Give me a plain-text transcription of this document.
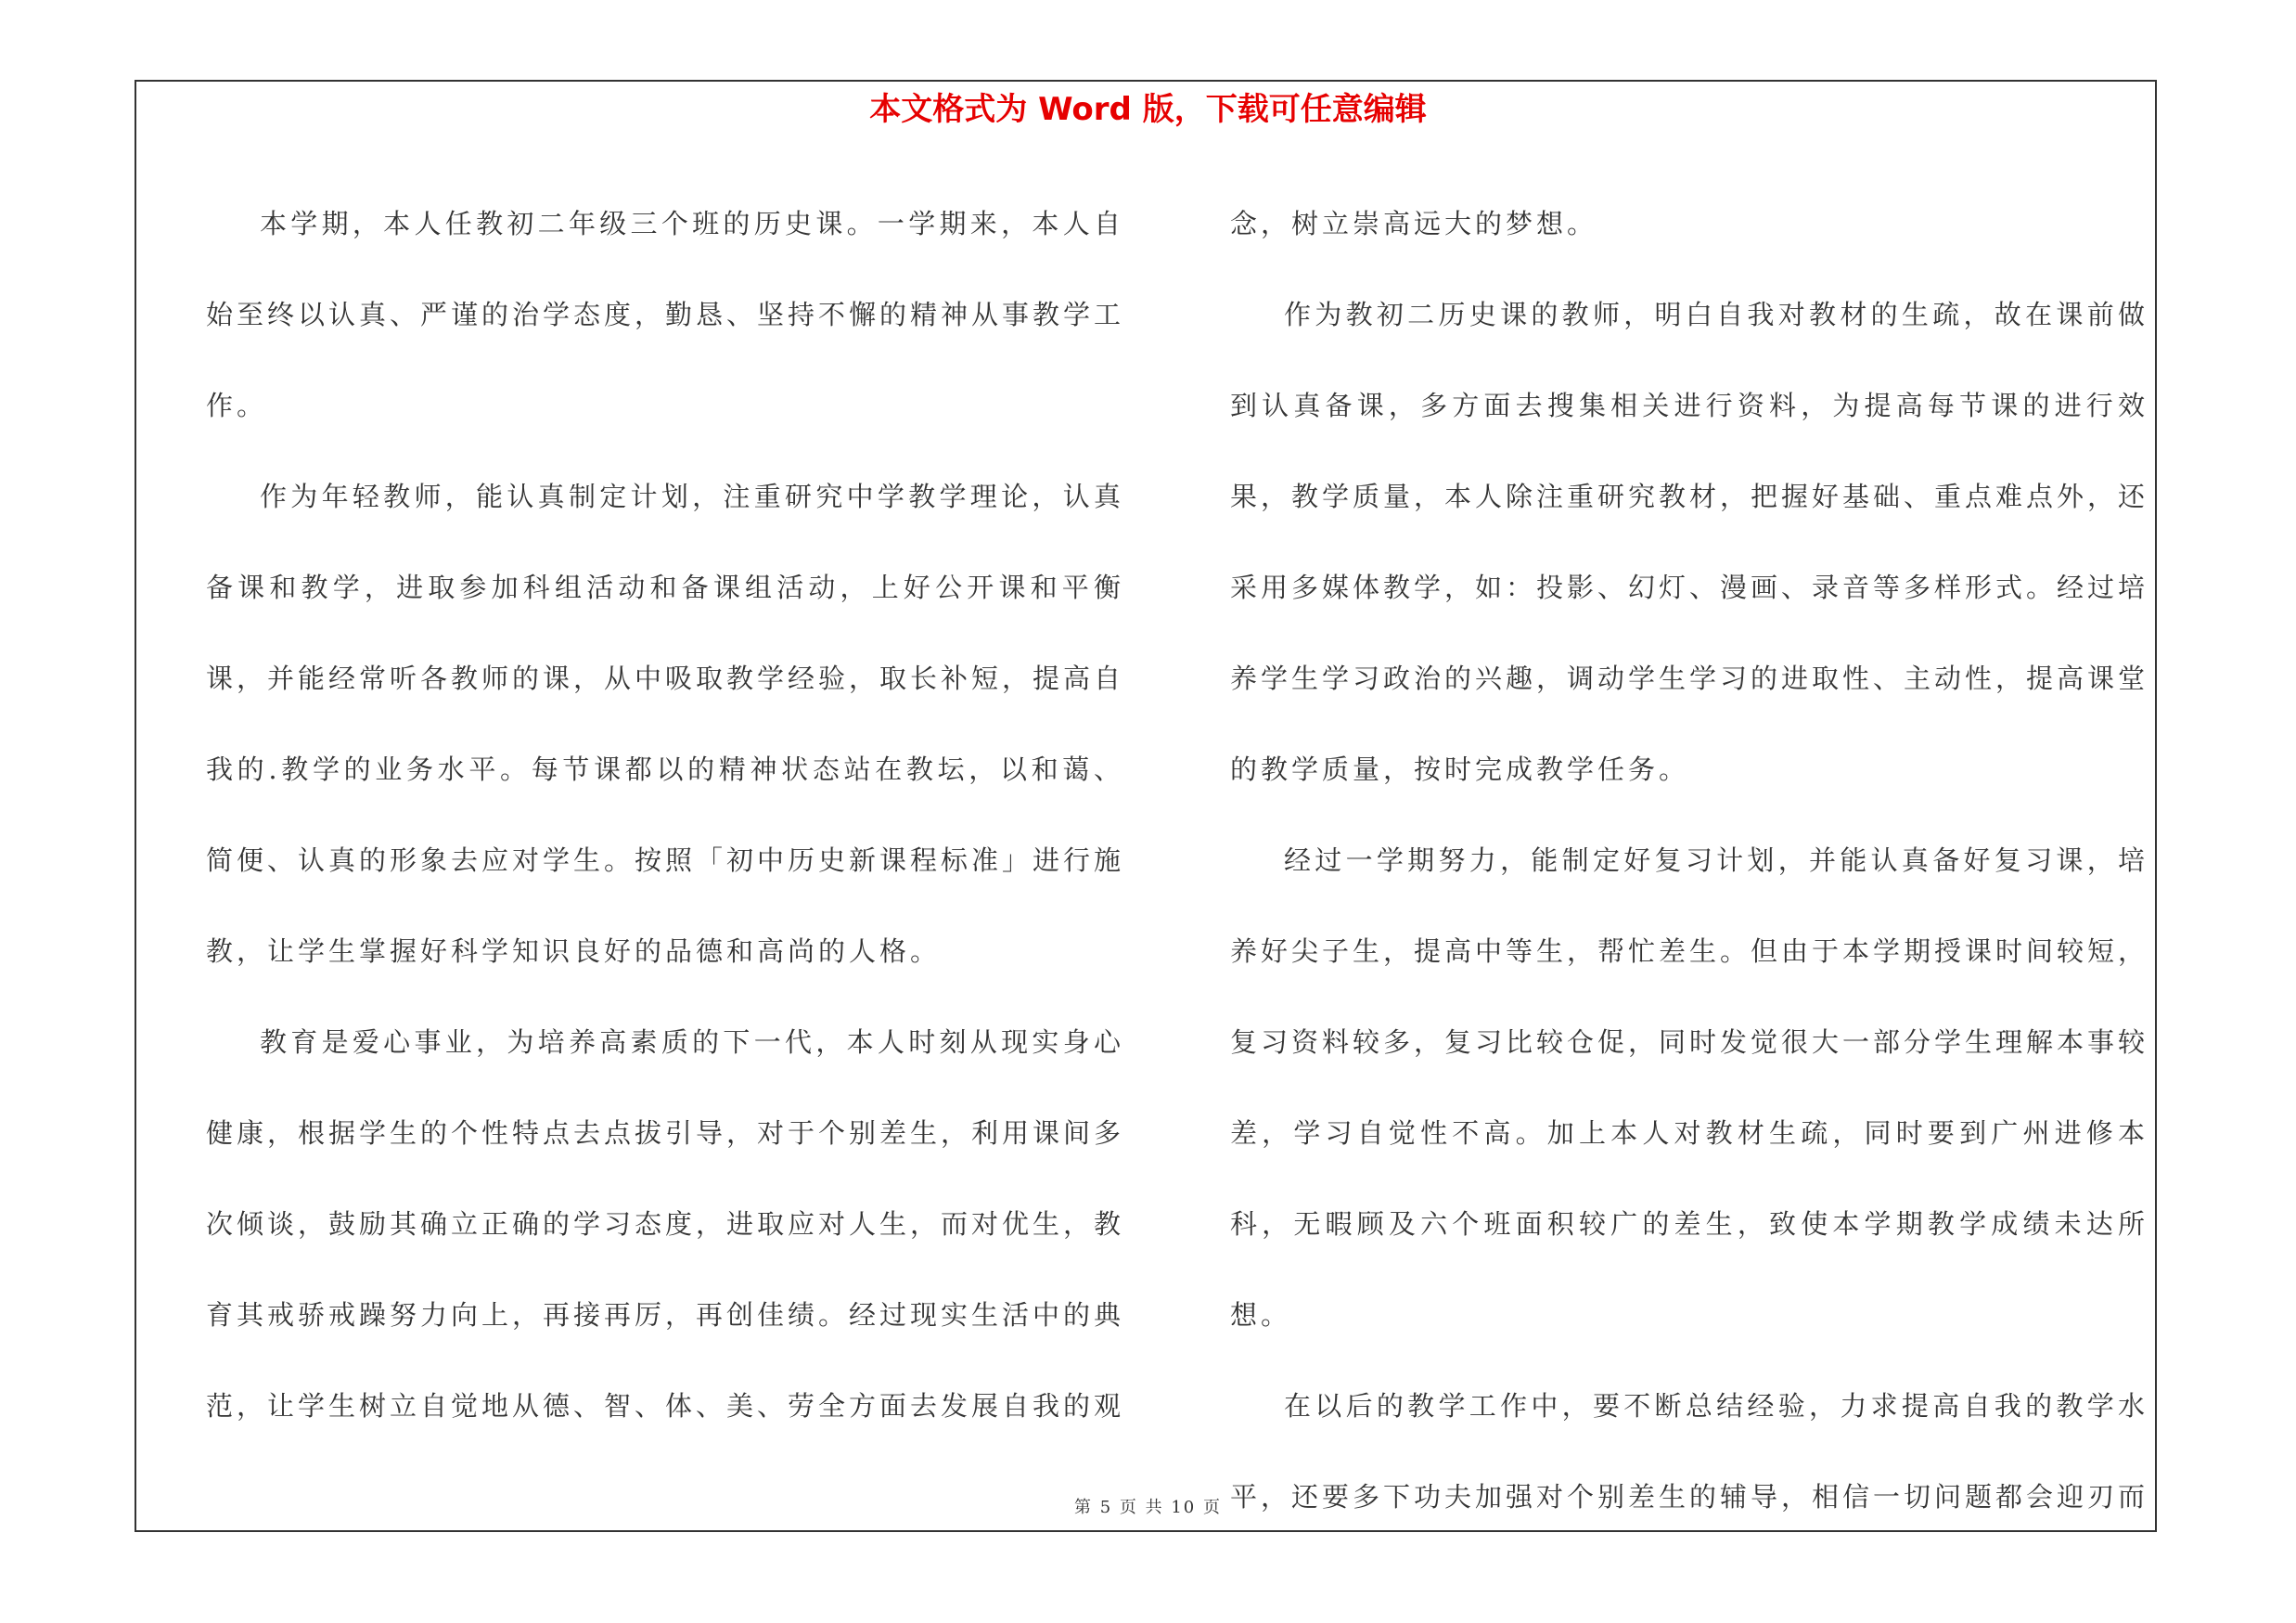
本文格式为 Word 版，下载可任意编辑

本学期，本人任教初二年级三个班的历史课。一学期来，本人自始至终以认真、严谨的治学态度，勤恳、坚持不懈的精神从事教学工作。

作为年轻教师，能认真制定计划，注重研究中学教学理论，认真备课和教学，进取参加科组活动和备课组活动，上好公开课和平衡课，并能经常听各教师的课，从中吸取教学经验，取长补短，提高自我的.教学的业务水平。每节课都以的精神状态站在教坛，以和蔼、简便、认真的形象去应对学生。按照「初中历史新课程标准」进行施教，让学生掌握好科学知识良好的品德和高尚的人格。

教育是爱心事业，为培养高素质的下一代，本人时刻从现实身心健康，根据学生的个性特点去点拔引导，对于个别差生，利用课间多次倾谈，鼓励其确立正确的学习态度，进取应对人生，而对优生，教育其戒骄戒躁努力向上，再接再厉，再创佳绩。经过现实生活中的典范，让学生树立自觉地从德、智、体、美、劳全方面去发展自我的观

念，树立崇高远大的梦想。

作为教初二历史课的教师，明白自我对教材的生疏，故在课前做到认真备课，多方面去搜集相关进行资料，为提高每节课的进行效果，教学质量，本人除注重研究教材，把握好基础、重点难点外，还采用多媒体教学，如：投影、幻灯、漫画、录音等多样形式。经过培养学生学习政治的兴趣，调动学生学习的进取性、主动性，提高课堂的教学质量，按时完成教学任务。

经过一学期努力，能制定好复习计划，并能认真备好复习课，培养好尖子生，提高中等生，帮忙差生。但由于本学期授课时间较短，复习资料较多，复习比较仓促，同时发觉很大一部分学生理解本事较差，学习自觉性不高。加上本人对教材生疏，同时要到广州进修本科，无暇顾及六个班面积较广的差生，致使本学期教学成绩未达所想。

在以后的教学工作中，要不断总结经验，力求提高自我的教学水平，还要多下功夫加强对个别差生的辅导，相信一切问题都会迎刃而

第 5 页 共 10 页
